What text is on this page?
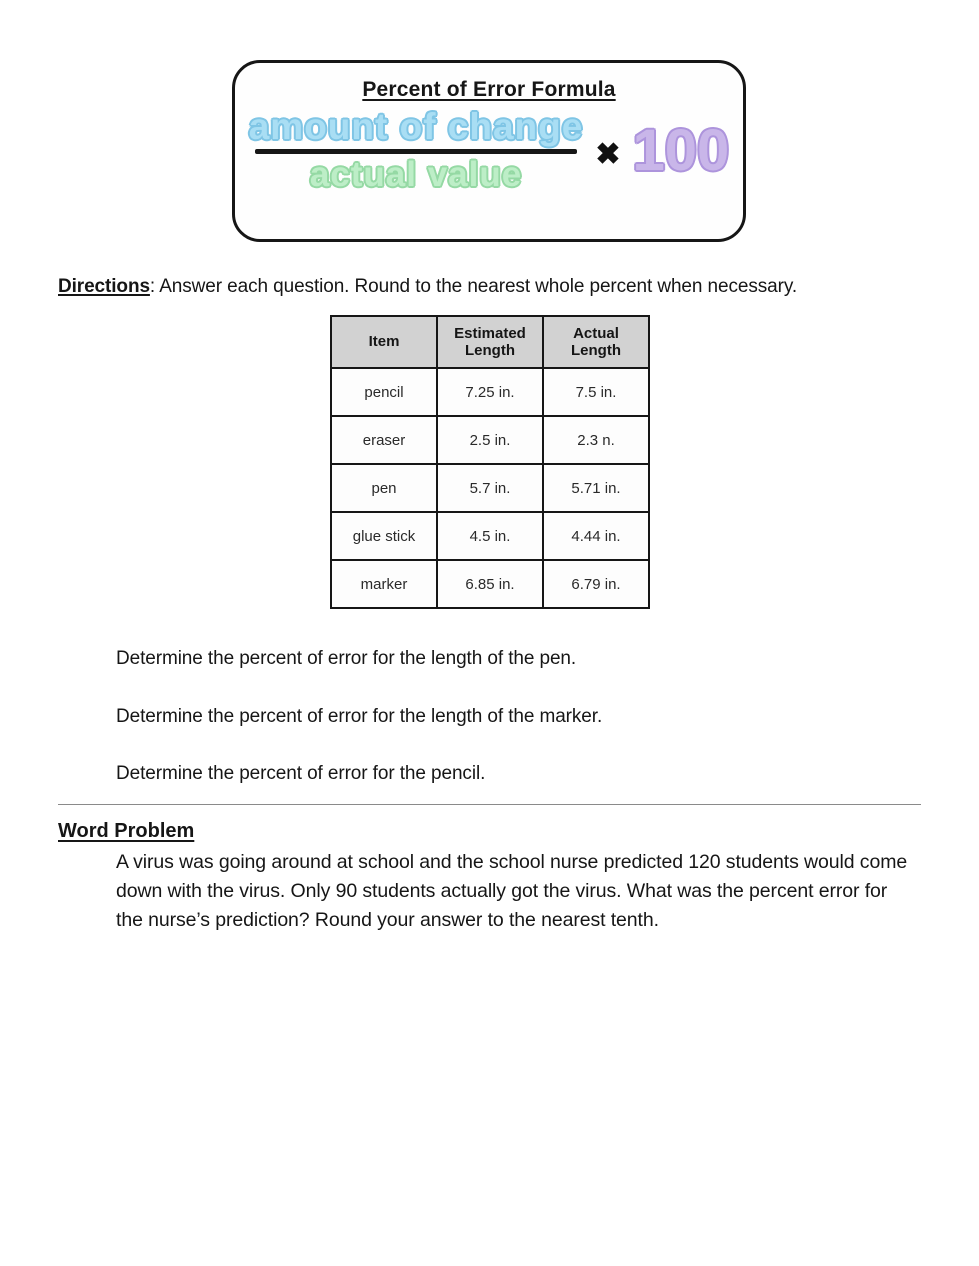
Percent of Error Formula
amount of change
actual value
✖ 100
Directions: Answer each question. Round to the nearest whole percent when necessary.
Item	Estimated Length	Actual Length
pencil	7.25 in.	7.5 in.
eraser	2.5 in.	2.3 n.
pen	5.7 in.	5.71 in.
glue stick	4.5 in.	4.44 in.
marker	6.85 in.	6.79 in.
Determine the percent of error for the length of the pen.
Determine the percent of error for the length of the marker.
Determine the percent of error for the pencil.
Word Problem
A virus was going around at school and the school nurse predicted 120 students would come down with the virus. Only 90 students actually got the virus. What was the percent error for the nurse’s prediction? Round your answer to the nearest tenth.
